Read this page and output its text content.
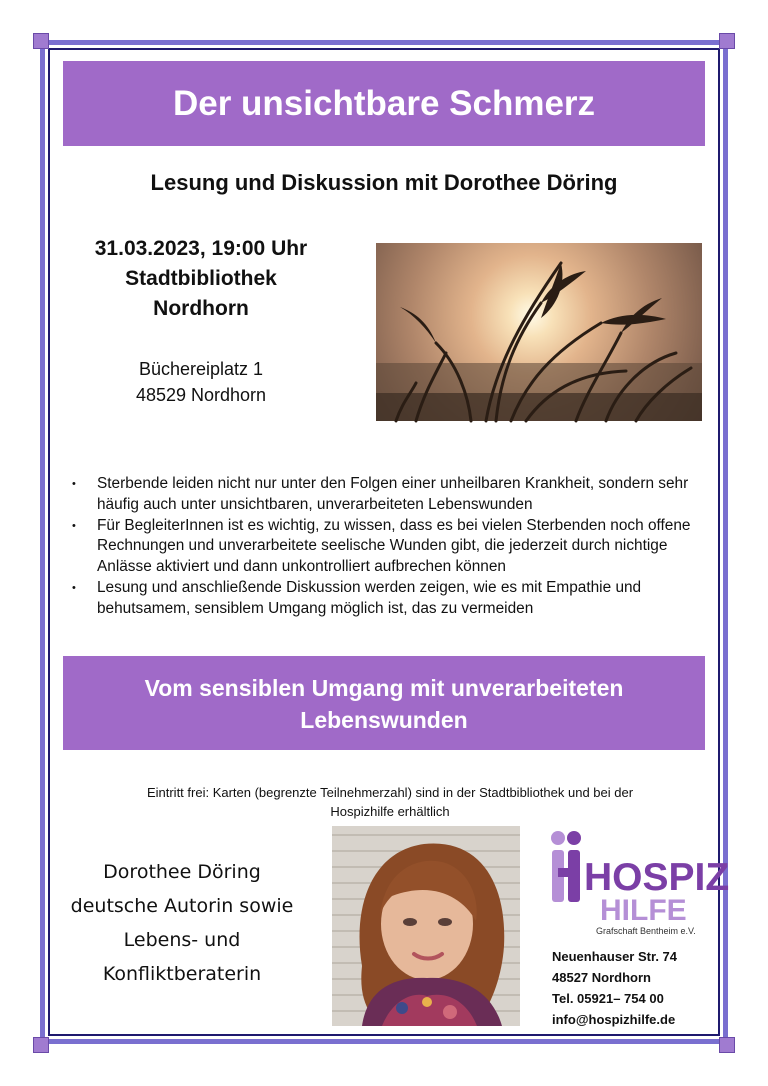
Der unsichtbare Schmerz
Lesung und Diskussion mit Dorothee Döring
31.03.2023, 19:00 Uhr
Stadtbibliothek
Nordhorn
Büchereiplatz 1
48529 Nordhorn
• Sterbende leiden nicht nur unter den Folgen einer unheilbaren Krankheit, sondern sehr häufig auch unter unsichtbaren, unverarbeiteten Lebenswunden
• Für BegleiterInnen ist es wichtig, zu wissen, dass es bei vielen Sterbenden noch offene Rechnungen und unverarbeitete seelische Wunden gibt, die jederzeit durch nichtige Anlässe aktiviert und dann unkontrolliert aufbrechen können
• Lesung und anschließende Diskussion werden zeigen, wie es mit Empathie und behutsamem, sensiblem Umgang möglich ist, das zu vermeiden
Vom sensiblen Umgang mit unverarbeiteten
Lebenswunden
Eintritt frei: Karten (begrenzte Teilnehmerzahl) sind in der Stadtbibliothek und bei der
Hospizhilfe erhältlich
Dorothee Döring
deutsche Autorin sowie
Lebens- und
Konfliktberaterin
HOSPIZ
HILFE
Grafschaft Bentheim e.V.
Neuenhauser Str. 74
48527 Nordhorn
Tel. 05921– 754 00
info@hospizhilfe.de
